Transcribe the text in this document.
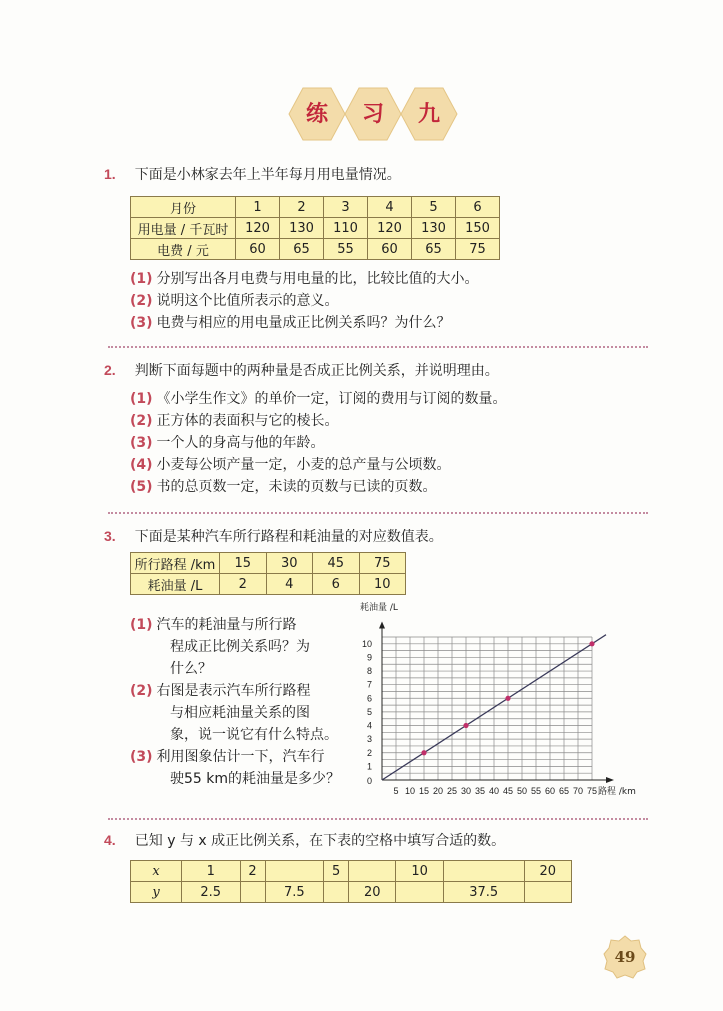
练	习	九
1. 下面是小林家去年上半年每月用电量情况。
月份	1	2	3	4	5	6
用电量 / 千瓦时	120	130	110	120	130	150
电费 / 元	60	65	55	60	65	75
(1) 分别写出各月电费与用电量的比，比较比值的大小。
(2) 说明这个比值所表示的意义。
(3) 电费与相应的用电量成正比例关系吗？为什么？
2. 判断下面每题中的两种量是否成正比例关系，并说明理由。
(1) 《小学生作文》的单价一定，订阅的费用与订阅的数量。
(2) 正方体的表面积与它的棱长。
(3) 一个人的身高与他的年龄。
(4) 小麦每公顷产量一定，小麦的总产量与公顷数。
(5) 书的总页数一定，未读的页数与已读的页数。
3. 下面是某种汽车所行路程和耗油量的对应数值表。
所行路程 /km	15	30	45	75
耗油量 /L	2	4	6	10
(1) 汽车的耗油量与所行路
程成正比例关系吗？为
什么？
(2) 右图是表示汽车所行路程
与相应耗油量关系的图
象，说一说它有什么特点。
(3) 利用图象估计一下，汽车行
驶55 km的耗油量是多少？
5 10 15 20 25 30 35 40 45 50 55 60 65 70 75
1
2
3
4
5
6
7
8
9
10
0
路程 /km
耗油量 /L
4. 已知 y 与 x 成正比例关系，在下表的空格中填写合适的数。
x	1	2		5		10		20
y	2.5		7.5		20		37.5	
49
